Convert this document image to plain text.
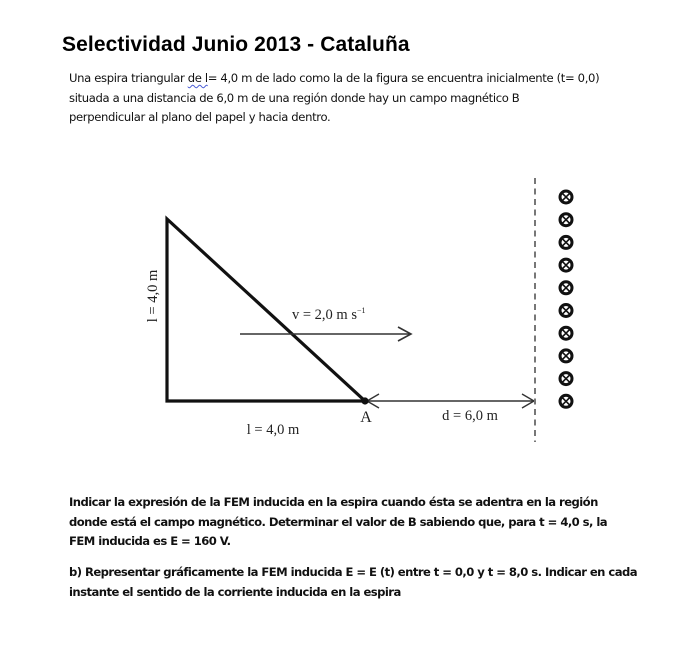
Selectividad Junio 2013 - Cataluña
Una espira triangular de l= 4,0 m de lado como la de la figura se encuentra inicialmente (t= 0,0)
situada a una distancia de 6,0 m de una región donde hay un campo magnético B
perpendicular al plano del papel y hacia dentro.
l = 4,0 m	v = 2,0 m $s^{-1}$
A
l = 4,0 m
d = 6,0 m
Indicar la expresión de la FEM inducida en la espira cuando ésta se adentra en la región
donde está el campo magnético. Determinar el valor de B sabiendo que, para t = 4,0 s, la
FEM inducida es E = 160 V.
b) Representar gráficamente la FEM inducida E = E (t) entre t = 0,0 y t = 8,0 s. Indicar en cada
instante el sentido de la corriente inducida en la espira
